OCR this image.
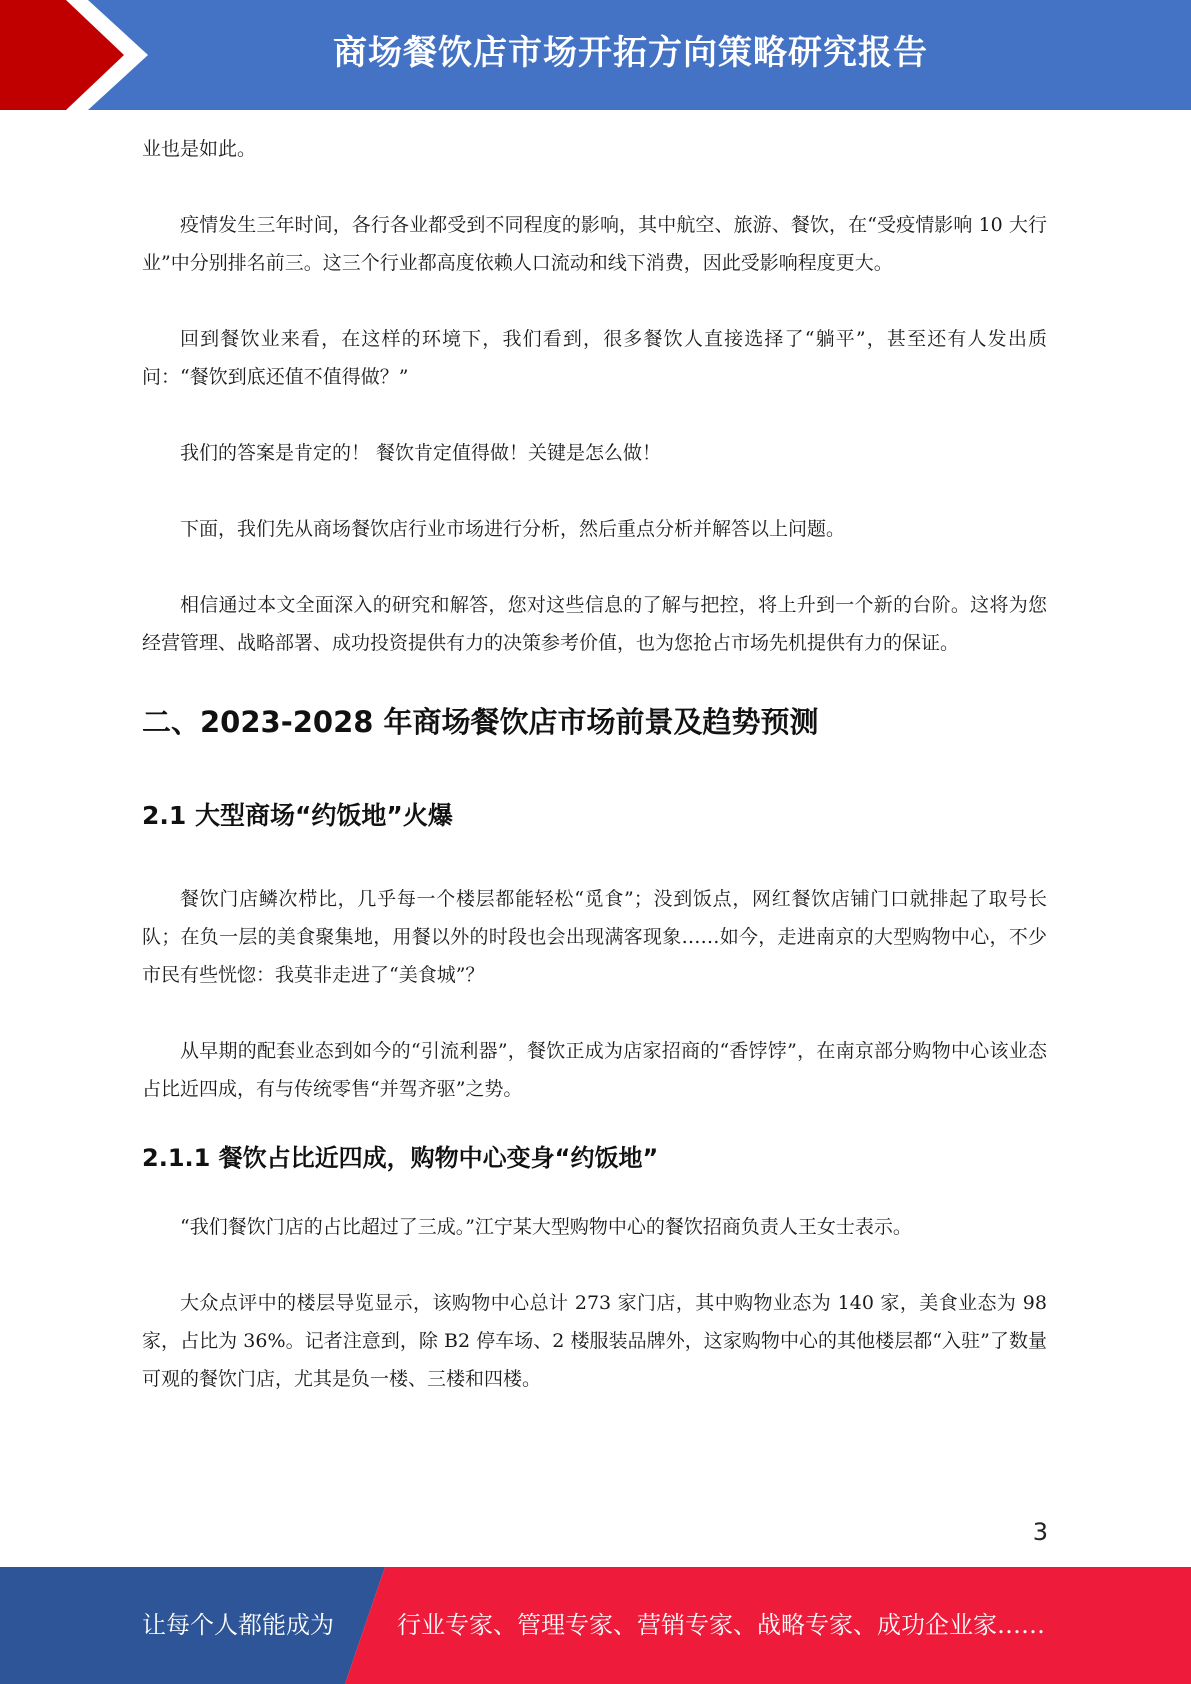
商场餐饮店市场开拓方向策略研究报告

业也是如此。

疫情发生三年时间，各行各业都受到不同程度的影响，其中航空、旅游、餐饮，在“受疫情影响 10 大行业”中分别排名前三。这三个行业都高度依赖人口流动和线下消费，因此受影响程度更大。

回到餐饮业来看，在这样的环境下，我们看到，很多餐饮人直接选择了“躺平”，甚至还有人发出质问：“餐饮到底还值不值得做？”

我们的答案是肯定的！ 餐饮肯定值得做！关键是怎么做！

下面，我们先从商场餐饮店行业市场进行分析，然后重点分析并解答以上问题。

相信通过本文全面深入的研究和解答，您对这些信息的了解与把控，将上升到一个新的台阶。这将为您经营管理、战略部署、成功投资提供有力的决策参考价值，也为您抢占市场先机提供有力的保证。

二、2023-2028 年商场餐饮店市场前景及趋势预测
2.1 大型商场“约饭地”火爆

餐饮门店鳞次栉比，几乎每一个楼层都能轻松“觅食”；没到饭点，网红餐饮店铺门口就排起了取号长队；在负一层的美食聚集地，用餐以外的时段也会出现满客现象……如今，走进南京的大型购物中心，不少市民有些恍惚：我莫非走进了“美食城”？

从早期的配套业态到如今的“引流利器”，餐饮正成为店家招商的“香饽饽”，在南京部分购物中心该业态占比近四成，有与传统零售“并驾齐驱”之势。

2.1.1 餐饮占比近四成，购物中心变身“约饭地”

“我们餐饮门店的占比超过了三成。”江宁某大型购物中心的餐饮招商负责人王女士表示。

大众点评中的楼层导览显示，该购物中心总计 273 家门店，其中购物业态为 140 家，美食业态为 98 家，占比为 36%。记者注意到，除 B2 停车场、2 楼服装品牌外，这家购物中心的其他楼层都“入驻”了数量可观的餐饮门店，尤其是负一楼、三楼和四楼。

3
让每个人都能成为	行业专家、管理专家、营销专家、战略专家、成功企业家……
